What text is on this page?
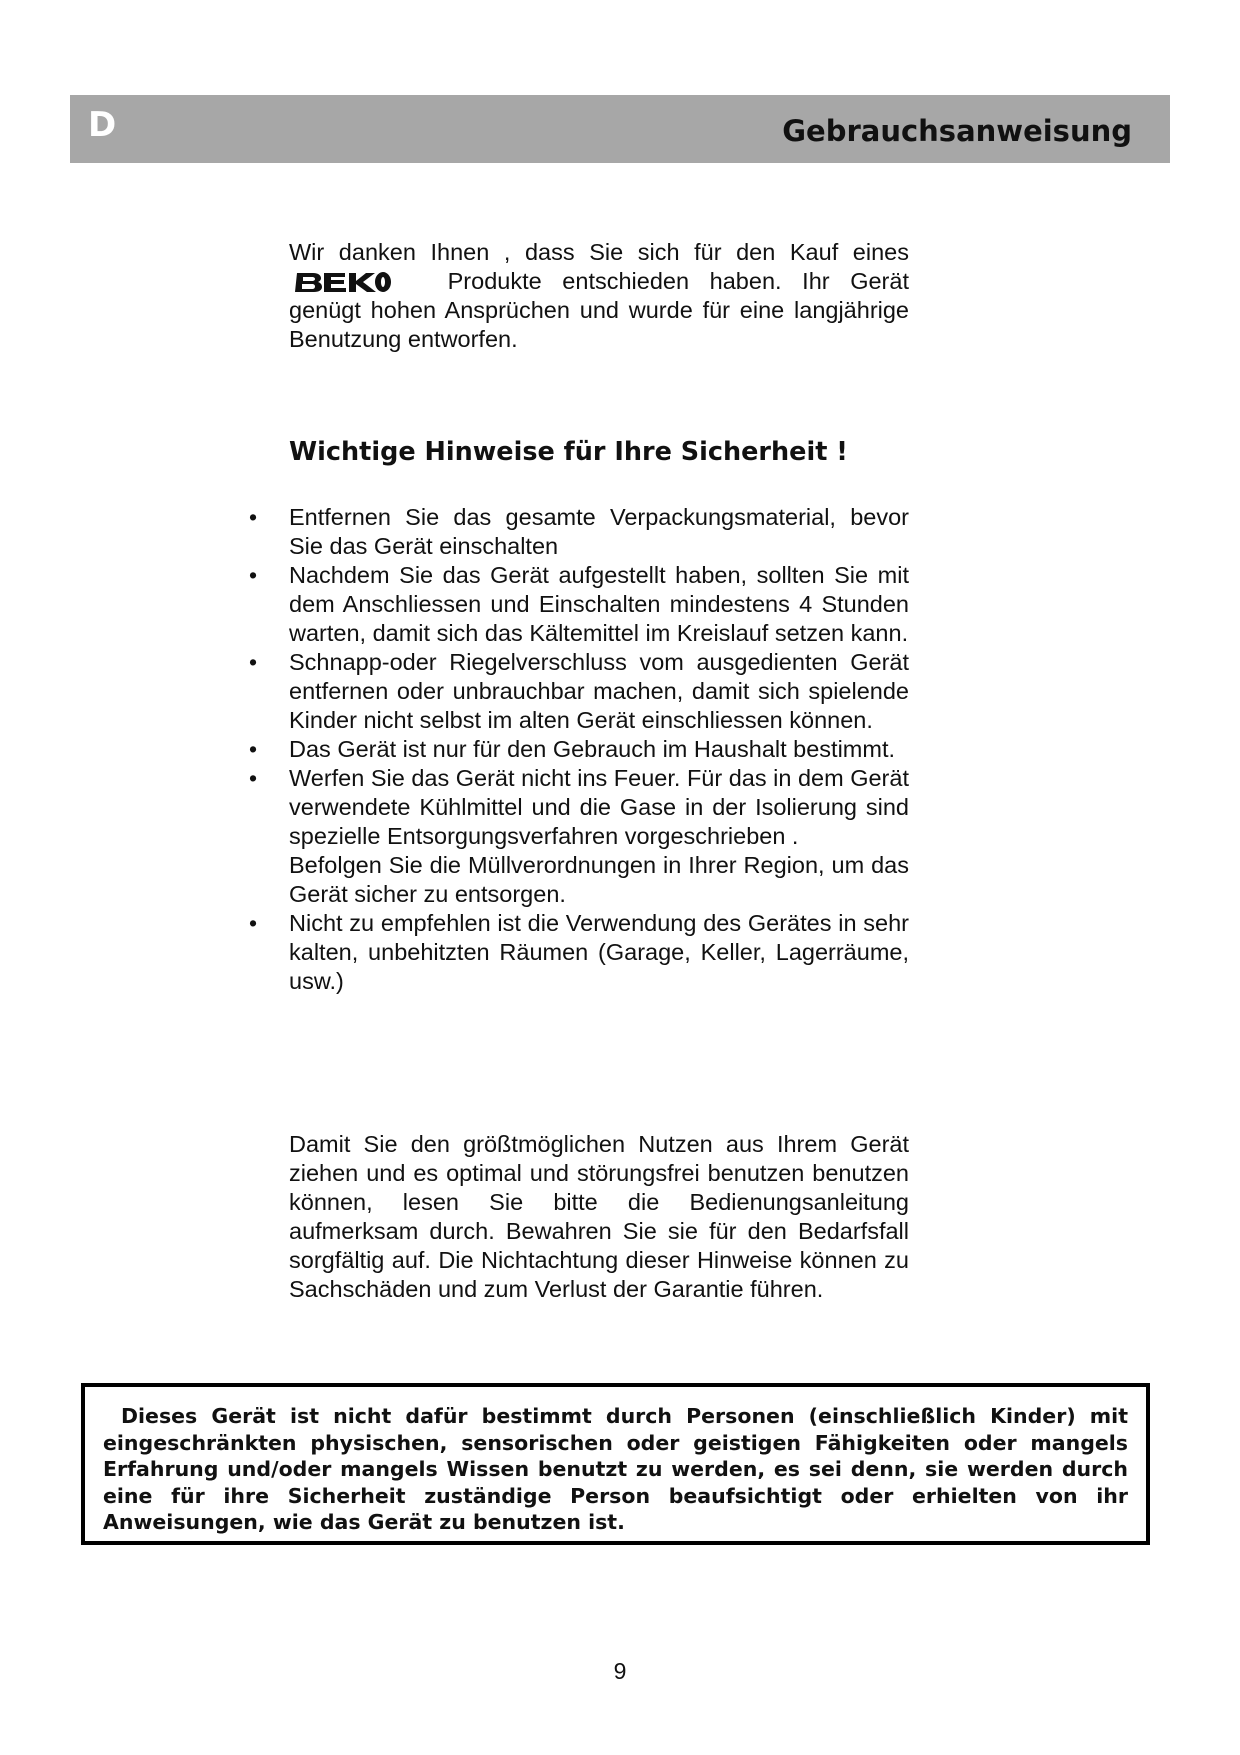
D	Gebrauchsanweisung
Wir danken Ihnen , dass Sie sich für den Kauf eines  Produkte entschieden haben. Ihr Gerät genügt hohen Ansprüchen und wurde für eine langjährige Benutzung entworfen.
Wichtige Hinweise für Ihre Sicherheit !
• Entfernen Sie das gesamte Verpackungsmaterial, bevor Sie das Gerät einschalten
• Nachdem Sie das Gerät aufgestellt haben, sollten Sie mit dem Anschliessen und Einschalten mindestens 4 Stunden warten, damit sich das Kältemittel im Kreislauf setzen kann.
• Schnapp-oder Riegelverschluss vom ausgedienten Gerät entfernen oder unbrauchbar machen, damit sich spielende Kinder nicht selbst im alten Gerät einschliessen können.
• Das Gerät ist nur für den Gebrauch im Haushalt bestimmt.
• Werfen Sie das Gerät nicht ins Feuer. Für das in dem Gerät verwendete Kühlmittel und die Gase in der Isolierung sind spezielle Entsorgungsverfahren vorgeschrieben .
Befolgen Sie die Müllverordnungen in Ihrer Region, um das Gerät sicher zu entsorgen.
• Nicht zu empfehlen ist die Verwendung des Gerätes in sehr kalten, unbehitzten Räumen (Garage, Keller, Lagerräume, usw.)
Damit Sie den größtmöglichen Nutzen aus Ihrem Gerät ziehen und es optimal und störungsfrei benutzen benutzen können, lesen Sie bitte die Bedienungsanleitung aufmerksam durch. Bewahren Sie sie für den Bedarfsfall sorgfältig auf. Die Nichtachtung dieser Hinweise können zu Sachschäden und zum Verlust der Garantie führen.

Dieses Gerät ist nicht dafür bestimmt durch Personen (einschließlich Kinder) mit eingeschränkten physischen, sensorischen oder geistigen Fähigkeiten oder mangels Erfahrung und/oder mangels Wissen benutzt zu werden, es sei denn, sie werden durch eine für ihre Sicherheit zuständige Person beaufsichtigt oder erhielten von ihr Anweisungen, wie das Gerät zu benutzen ist.

9
